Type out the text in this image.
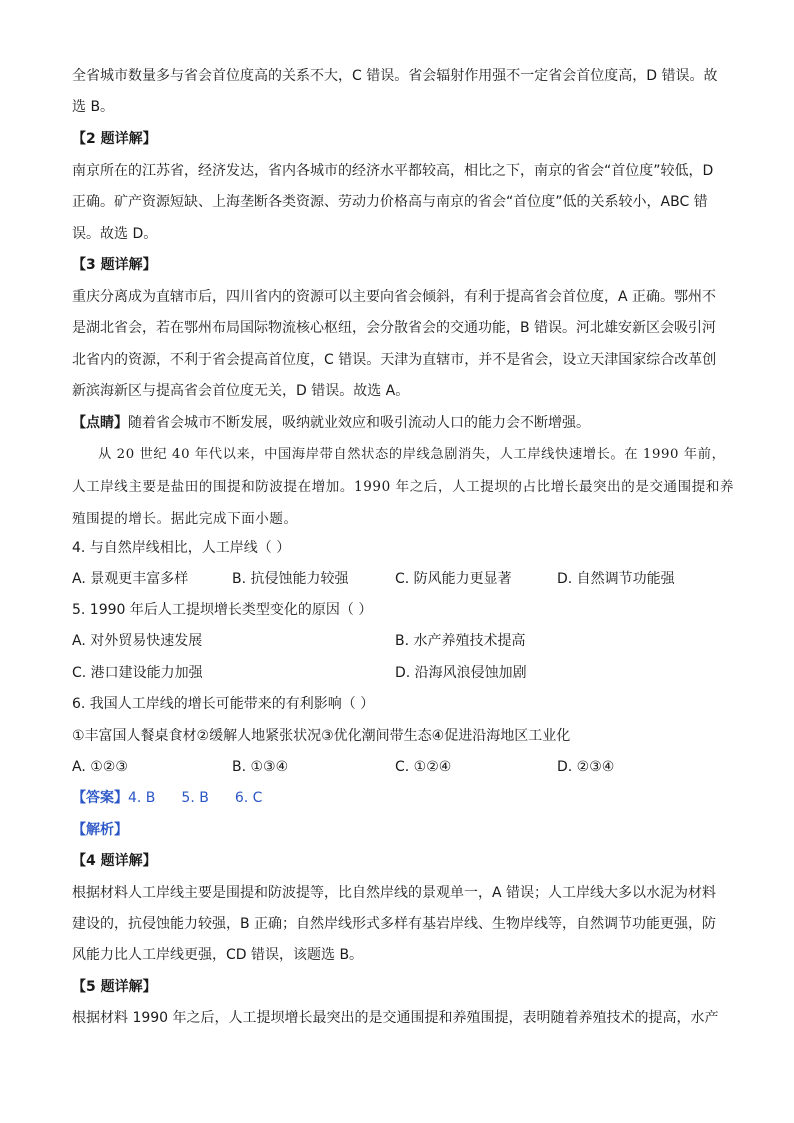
全省城市数量多与省会首位度高的关系不大，C 错误。省会辐射作用强不一定省会首位度高，D 错误。故
选 B。
【2 题详解】
南京所在的江苏省，经济发达，省内各城市的经济水平都较高，相比之下，南京的省会“首位度”较低，D
正确。矿产资源短缺、上海垄断各类资源、劳动力价格高与南京的省会“首位度”低的关系较小，ABC 错
误。故选 D。
【3 题详解】
重庆分离成为直辖市后，四川省内的资源可以主要向省会倾斜，有利于提高省会首位度，A 正确。鄂州不
是湖北省会，若在鄂州布局国际物流核心枢纽，会分散省会的交通功能，B 错误。河北雄安新区会吸引河
北省内的资源，不利于省会提高首位度，C 错误。天津为直辖市，并不是省会，设立天津国家综合改革创
新滨海新区与提高省会首位度无关，D 错误。故选 A。
【点睛】随着省会城市不断发展，吸纳就业效应和吸引流动人口的能力会不断增强。
从 20 世纪 40 年代以来，中国海岸带自然状态的岸线急剧消失，人工岸线快速增长。在 1990 年前，
人工岸线主要是盐田的围提和防波提在增加。1990 年之后，人工提坝的占比增长最突出的是交通围提和养
殖围提的增长。据此完成下面小题。
4. 与自然岸线相比，人工岸线（ ）
A. 景观更丰富多样	B. 抗侵蚀能力较强	C. 防风能力更显著	D. 自然调节功能强
5. 1990 年后人工提坝增长类型变化的原因（ ）
A. 对外贸易快速发展	B. 水产养殖技术提高
C. 港口建设能力加强	D. 沿海风浪侵蚀加剧
6. 我国人工岸线的增长可能带来的有利影响（ ）
①丰富国人餐桌食材②缓解人地紧张状况③优化潮间带生态④促进沿海地区工业化
A. ①②③	B. ①③④	C. ①②④	D. ②③④
【答案】4. B 5. B 6. C
【解析】
【4 题详解】
根据材料人工岸线主要是围提和防波提等，比自然岸线的景观单一，A 错误；人工岸线大多以水泥为材料
建设的，抗侵蚀能力较强，B 正确；自然岸线形式多样有基岩岸线、生物岸线等，自然调节功能更强，防
风能力比人工岸线更强，CD 错误，该题选 B。
【5 题详解】
根据材料 1990 年之后，人工提坝增长最突出的是交通围提和养殖围提，表明随着养殖技术的提高，水产
